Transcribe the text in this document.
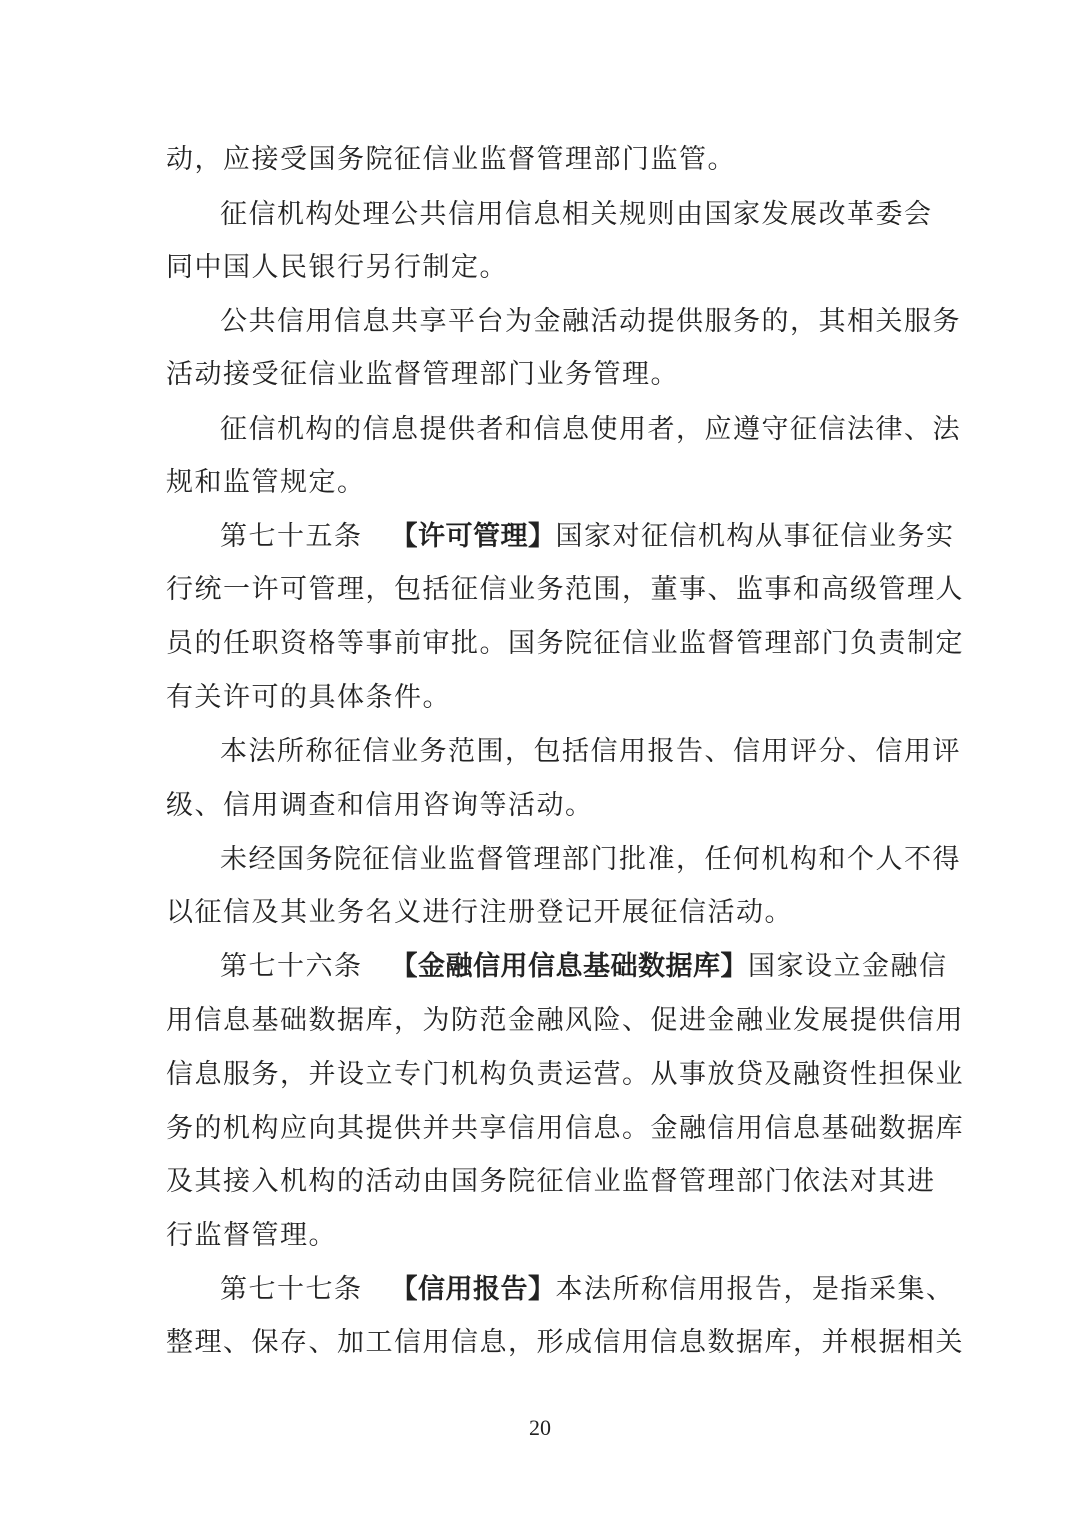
动，应接受国务院征信业监督管理部门监管。
征信机构处理公共信用信息相关规则由国家发展改革委会
同中国人民银行另行制定。
公共信用信息共享平台为金融活动提供服务的，其相关服务
活动接受征信业监督管理部门业务管理。
征信机构的信息提供者和信息使用者，应遵守征信法律、法
规和监管规定。
第七十五条 【许可管理】国家对征信机构从事征信业务实
行统一许可管理，包括征信业务范围，董事、监事和高级管理人
员的任职资格等事前审批。国务院征信业监督管理部门负责制定
有关许可的具体条件。
本法所称征信业务范围，包括信用报告、信用评分、信用评
级、信用调查和信用咨询等活动。
未经国务院征信业监督管理部门批准，任何机构和个人不得
以征信及其业务名义进行注册登记开展征信活动。
第七十六条 【金融信用信息基础数据库】国家设立金融信
用信息基础数据库，为防范金融风险、促进金融业发展提供信用
信息服务，并设立专门机构负责运营。从事放贷及融资性担保业
务的机构应向其提供并共享信用信息。金融信用信息基础数据库
及其接入机构的活动由国务院征信业监督管理部门依法对其进
行监督管理。
第七十七条 【信用报告】本法所称信用报告，是指采集、
整理、保存、加工信用信息，形成信用信息数据库，并根据相关
20
